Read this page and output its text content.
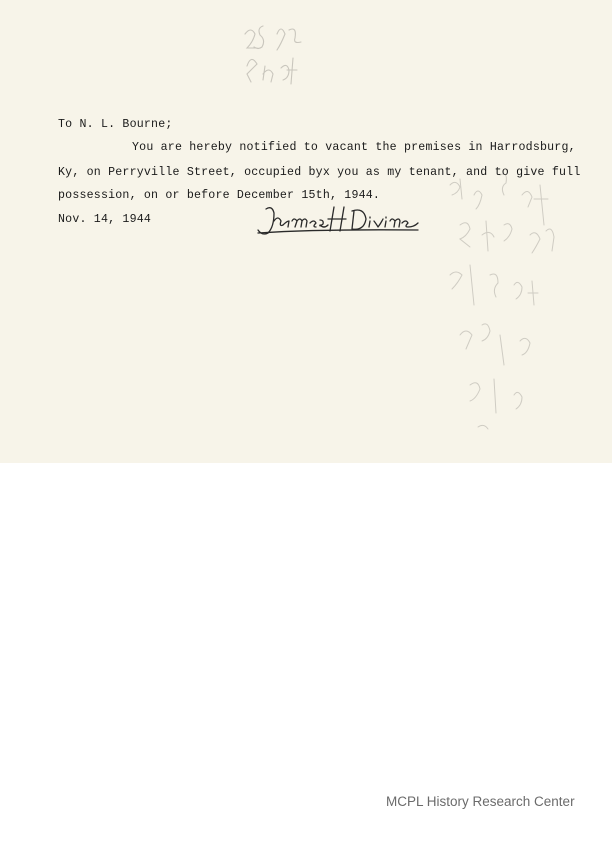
To N. L. Bourne;
You are hereby notified to vacant the premises in Harrodsburg,
Ky, on Perryville Street, occupied byx you as my tenant, and to give full
possession, on or before December 15th, 1944.
Nov. 14, 1944
MCPL History Research Center
